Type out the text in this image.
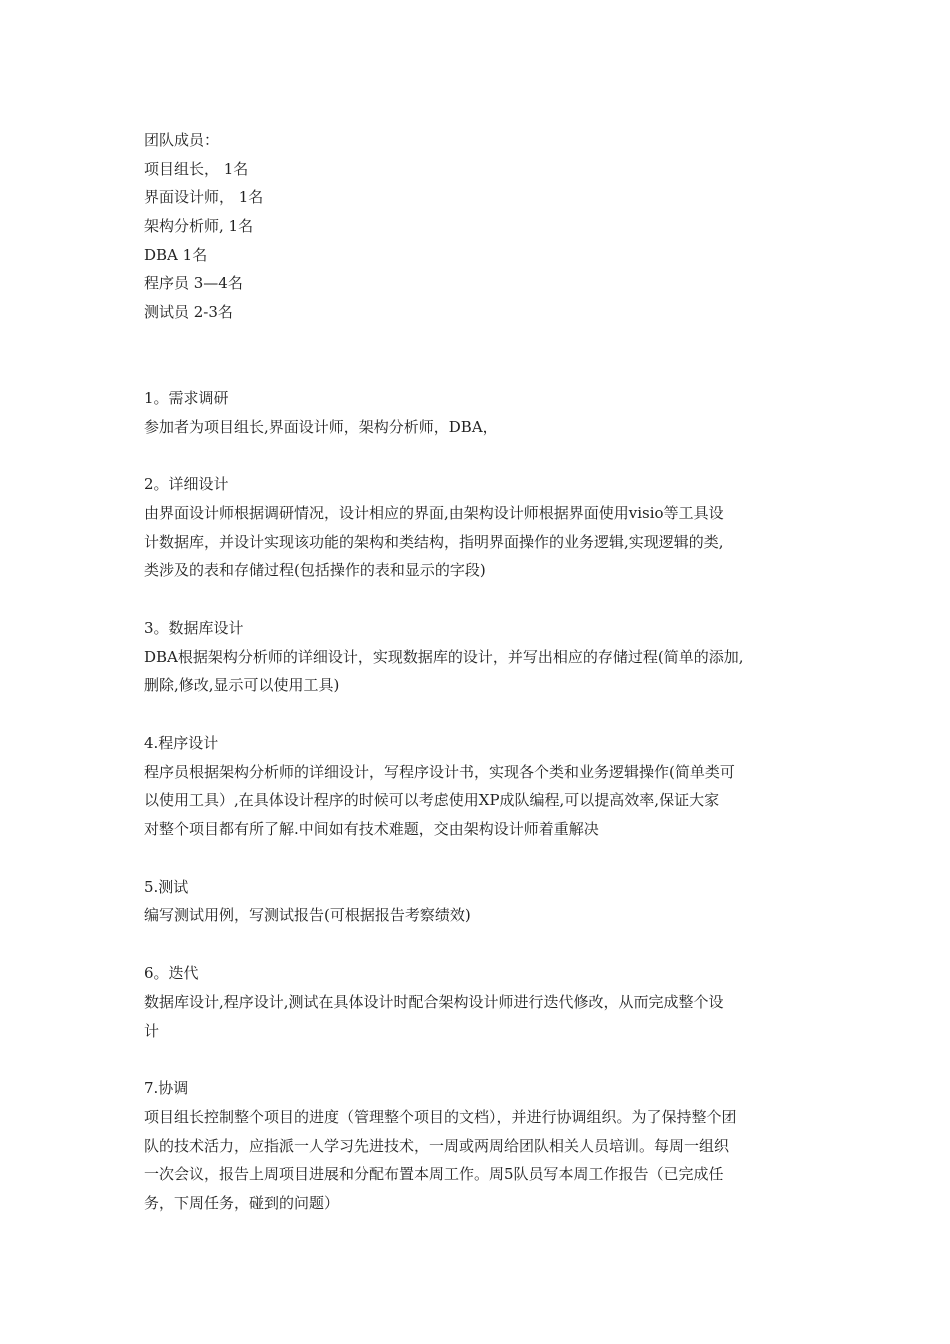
团队成员：

项目组长， 1名

界面设计师， 1名

架构分析师, 1名

DBA 1名

程序员 3—4名

测试员 2-3名

1。需求调研

参加者为项目组长,界面设计师，架构分析师，DBA，

2。详细设计

由界面设计师根据调研情况，设计相应的界面,由架构设计师根据界面使用visio等工具设

计数据库，并设计实现该功能的架构和类结构，指明界面操作的业务逻辑,实现逻辑的类,

类涉及的表和存储过程(包括操作的表和显示的字段)

3。数据库设计

DBA根据架构分析师的详细设计，实现数据库的设计，并写出相应的存储过程(简单的添加,

删除,修改,显示可以使用工具)

4.程序设计

程序员根据架构分析师的详细设计，写程序设计书，实现各个类和业务逻辑操作(简单类可

以使用工具）,在具体设计程序的时候可以考虑使用XP成队编程,可以提高效率,保证大家

对整个项目都有所了解.中间如有技术难题，交由架构设计师着重解决

5.测试

编写测试用例，写测试报告(可根据报告考察绩效)

6。迭代

数据库设计,程序设计,测试在具体设计时配合架构设计师进行迭代修改，从而完成整个设

计

7.协调

项目组长控制整个项目的进度（管理整个项目的文档），并进行协调组织。为了保持整个团

队的技术活力，应指派一人学习先进技术，一周或两周给团队相关人员培训。每周一组织

一次会议，报告上周项目进展和分配布置本周工作。周5队员写本周工作报告（已完成任

务，下周任务，碰到的问题）
